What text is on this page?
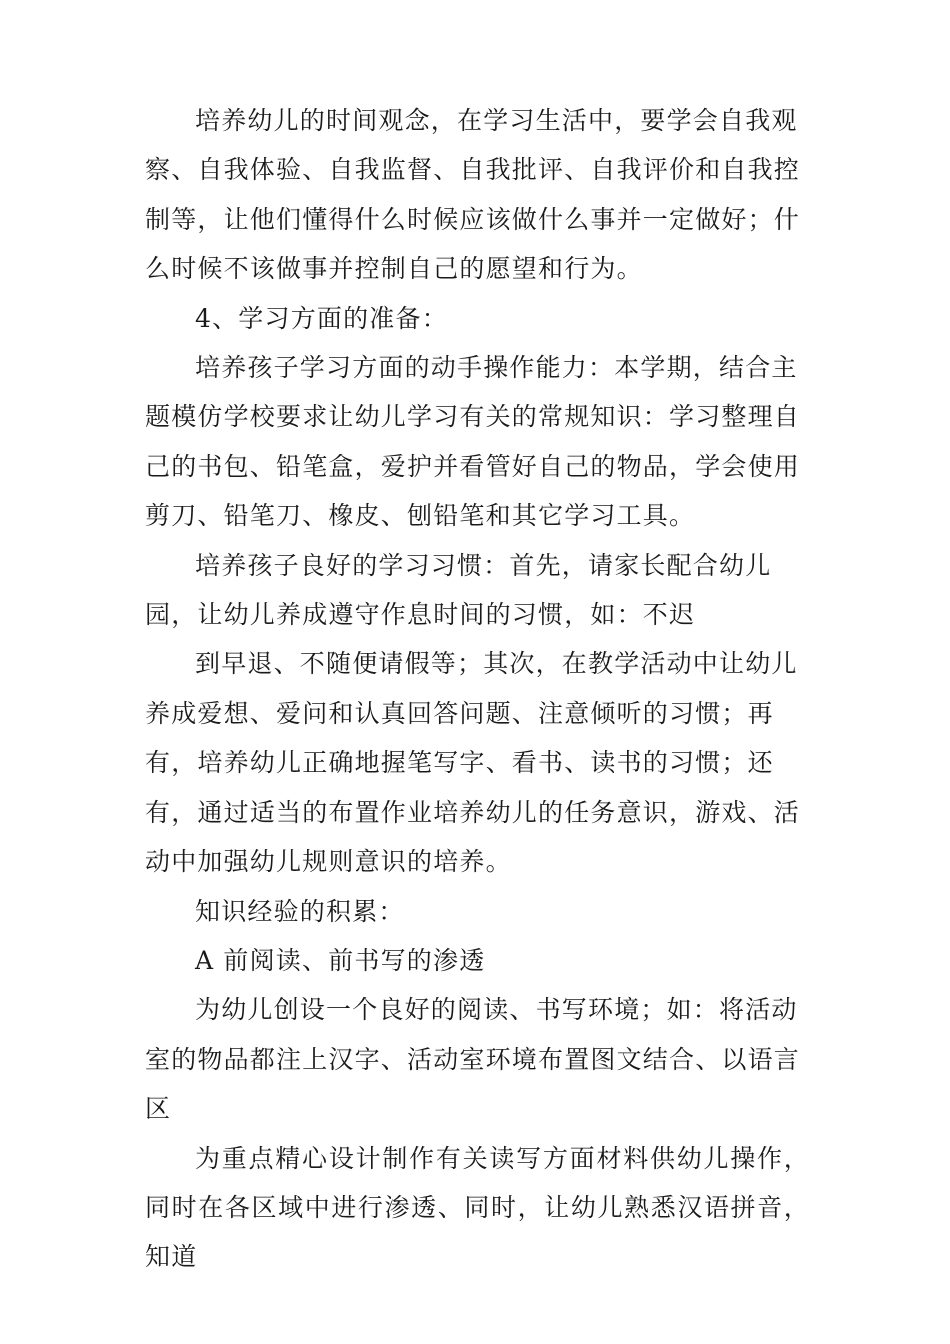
培养幼儿的时间观念，在学习生活中，要学会自我观察、自我体验、自我监督、自我批评、自我评价和自我控制等，让他们懂得什么时候应该做什么事并一定做好；什么时候不该做事并控制自己的愿望和行为。

4、学习方面的准备：

培养孩子学习方面的动手操作能力：本学期，结合主题模仿学校要求让幼儿学习有关的常规知识：学习整理自己的书包、铅笔盒，爱护并看管好自己的物品，学会使用剪刀、铅笔刀、橡皮、刨铅笔和其它学习工具。

培养孩子良好的学习习惯：首先，请家长配合幼儿园，让幼儿养成遵守作息时间的习惯，如：不迟

到早退、不随便请假等；其次，在教学活动中让幼儿养成爱想、爱问和认真回答问题、注意倾听的习惯；再有，培养幼儿正确地握笔写字、看书、读书的习惯；还有，通过适当的布置作业培养幼儿的任务意识，游戏、活动中加强幼儿规则意识的培养。

知识经验的积累：

A 前阅读、前书写的渗透

为幼儿创设一个良好的阅读、书写环境；如：将活动室的物品都注上汉字、活动室环境布置图文结合、以语言区

为重点精心设计制作有关读写方面材料供幼儿操作，同时在各区域中进行渗透、同时，让幼儿熟悉汉语拼音，知道
